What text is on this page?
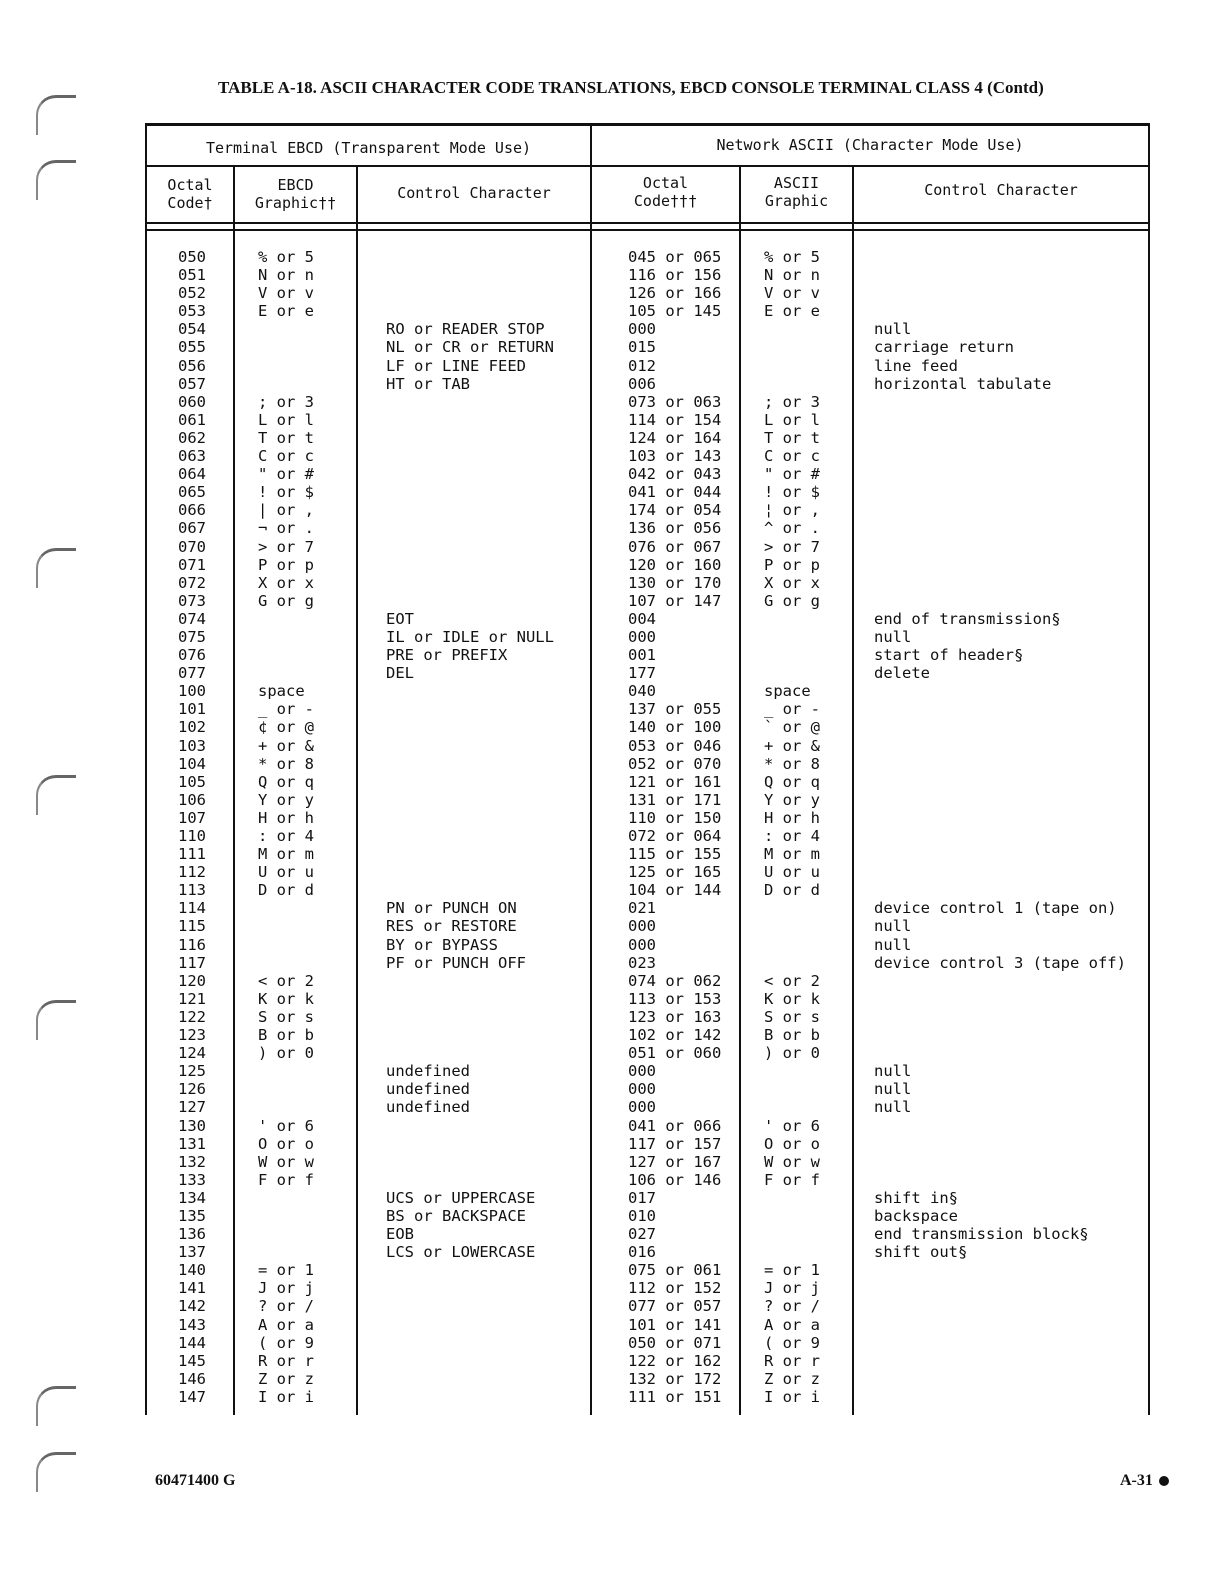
TABLE A-18. ASCII CHARACTER CODE TRANSLATIONS, EBCD CONSOLE TERMINAL CLASS 4 (Contd)
Terminal EBCD (Transparent Mode Use)	Network ASCII (Character Mode Use)
Octal
Code†
EBCD
Graphic††
Control Character
Octal
Code†††
ASCII
Graphic
Control Character
050
051
052
053
054
055
056
057
060
061
062
063
064
065
066
067
070
071
072
073
074
075
076
077
100
101
102
103
104
105
106
107
110
111
112
113
114
115
116
117
120
121
122
123
124
125
126
127
130
131
132
133
134
135
136
137
140
141
142
143
144
145
146
147
% or 5
N or n
V or v
E or e
; or 3
L or l
T or t
C or c
" or #
! or $
| or ,
¬ or .
> or 7
P or p
X or x
G or g
space
_ or -
¢ or @
+ or &
* or 8
Q or q
Y or y
H or h
: or 4
M or m
U or u
D or d
< or 2
K or k
S or s
B or b
) or 0
' or 6
O or o
W or w
F or f
= or 1
J or j
? or /
A or a
( or 9
R or r
Z or z
I or i
RO or READER STOP
NL or CR or RETURN
LF or LINE FEED
HT or TAB
EOT
IL or IDLE or NULL
PRE or PREFIX
DEL
PN or PUNCH ON
RES or RESTORE
BY or BYPASS
PF or PUNCH OFF
undefined
undefined
undefined
UCS or UPPERCASE
BS or BACKSPACE
EOB
LCS or LOWERCASE
045 or 065
116 or 156
126 or 166
105 or 145
000
015
012
006
073 or 063
114 or 154
124 or 164
103 or 143
042 or 043
041 or 044
174 or 054
136 or 056
076 or 067
120 or 160
130 or 170
107 or 147
004
000
001
177
040
137 or 055
140 or 100
053 or 046
052 or 070
121 or 161
131 or 171
110 or 150
072 or 064
115 or 155
125 or 165
104 or 144
021
000
000
023
074 or 062
113 or 153
123 or 163
102 or 142
051 or 060
000
000
000
041 or 066
117 or 157
127 or 167
106 or 146
017
010
027
016
075 or 061
112 or 152
077 or 057
101 or 141
050 or 071
122 or 162
132 or 172
111 or 151
% or 5
N or n
V or v
E or e
; or 3
L or l
T or t
C or c
" or #
! or $
¦ or ,
^ or .
> or 7
P or p
X or x
G or g
space
_ or -
` or @
+ or &
* or 8
Q or q
Y or y
H or h
: or 4
M or m
U or u
D or d
< or 2
K or k
S or s
B or b
) or 0
' or 6
O or o
W or w
F or f
= or 1
J or j
? or /
A or a
( or 9
R or r
Z or z
I or i
null
carriage return
line feed
horizontal tabulate
end of transmission§
null
start of header§
delete
device control 1 (tape on)
null
null
device control 3 (tape off)
null
null
null
shift in§
backspace
end transmission block§
shift out§
60471400 G	A-31
